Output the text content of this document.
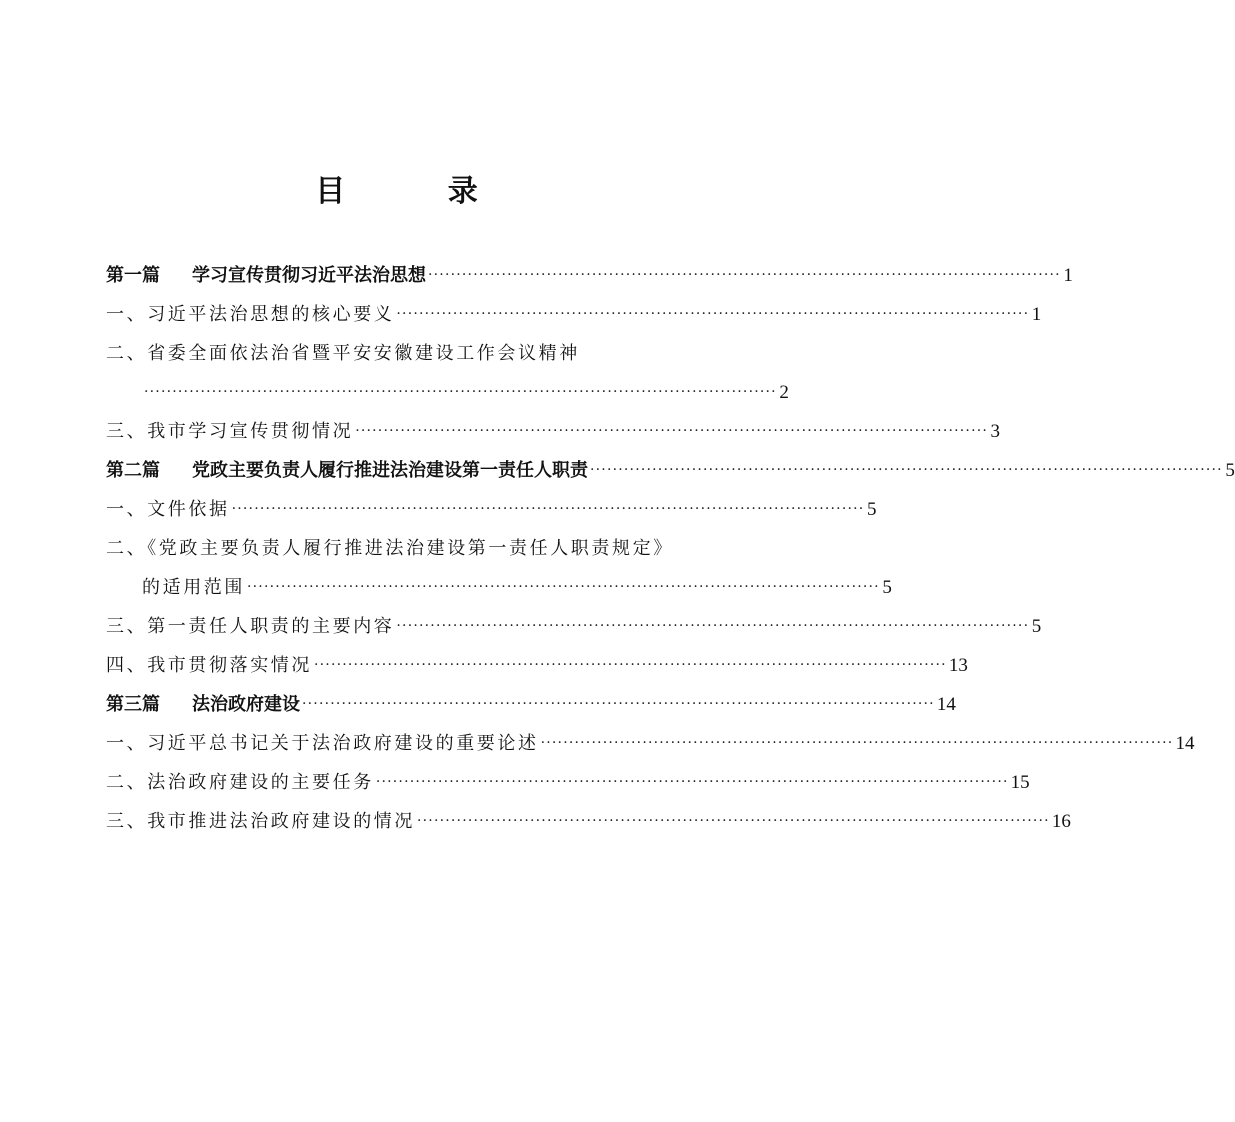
目 录
第一篇 学习宣传贯彻习近平法治思想 ················································································································ 1
一、习近平法治思想的核心要义 ················································································································ 1
二、省委全面依法治省暨平安安徽建设工作会议精神
················································································································ 2
三、我市学习宣传贯彻情况 ················································································································ 3
第二篇 党政主要负责人履行推进法治建设第一责任人职责 ················································································································ 5
一、文件依据 ················································································································ 5
二、《党政主要负责人履行推进法治建设第一责任人职责规定》
的适用范围 ················································································································ 5
三、第一责任人职责的主要内容 ················································································································ 5
四、我市贯彻落实情况 ················································································································ 13
第三篇 法治政府建设 ················································································································ 14
一、习近平总书记关于法治政府建设的重要论述 ················································································································ 14
二、法治政府建设的主要任务 ················································································································ 15
三、我市推进法治政府建设的情况 ················································································································ 16
